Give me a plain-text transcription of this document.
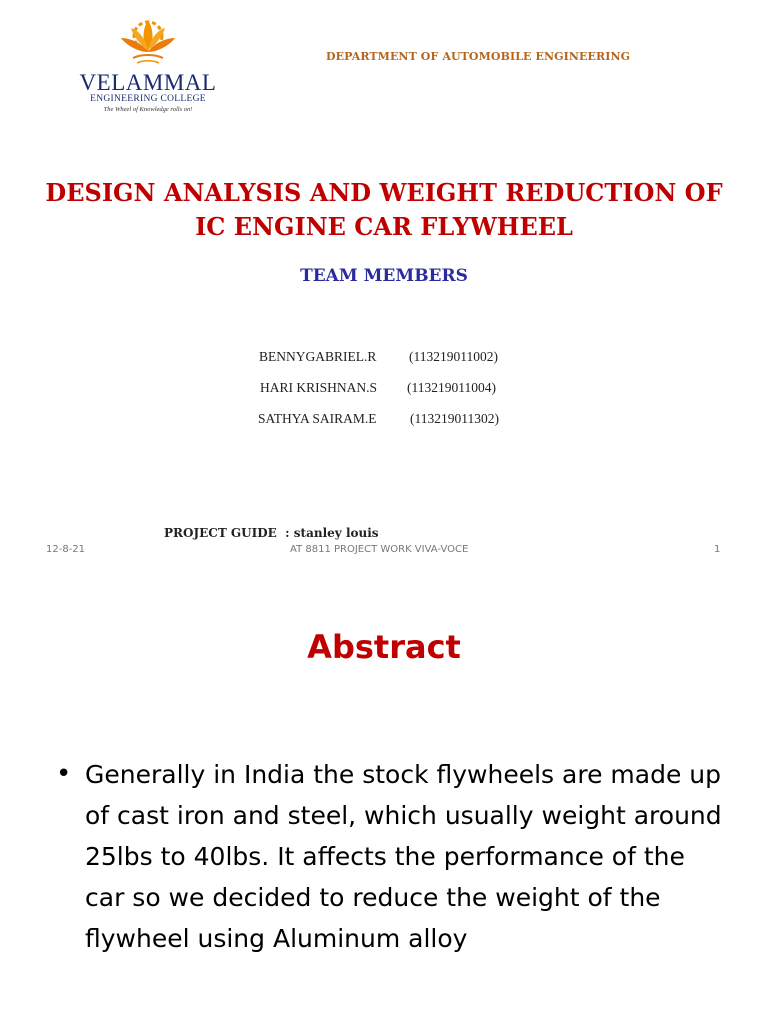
VELAMMAL
ENGINEERING COLLEGE
The Wheel of Knowledge rolls on!
DEPARTMENT OF AUTOMOBILE ENGINEERING
DESIGN ANALYSIS AND WEIGHT REDUCTION OF
IC ENGINE CAR FLYWHEEL
TEAM MEMBERS
BENNYGABRIEL.R (113219011002)
HARI KRISHNAN.S (113219011004)
SATHYA SAIRAM.E (113219011302)
PROJECT GUIDE  : stanley louis
12-8-21	AT 8811 PROJECT WORK VIVA-VOCE	1
Abstract
• Generally in India the stock flywheels are made up of cast iron and steel, which usually weight around 25lbs to 40lbs. It affects the performance of the car so we decided to reduce the weight of the flywheel using Aluminum alloy
